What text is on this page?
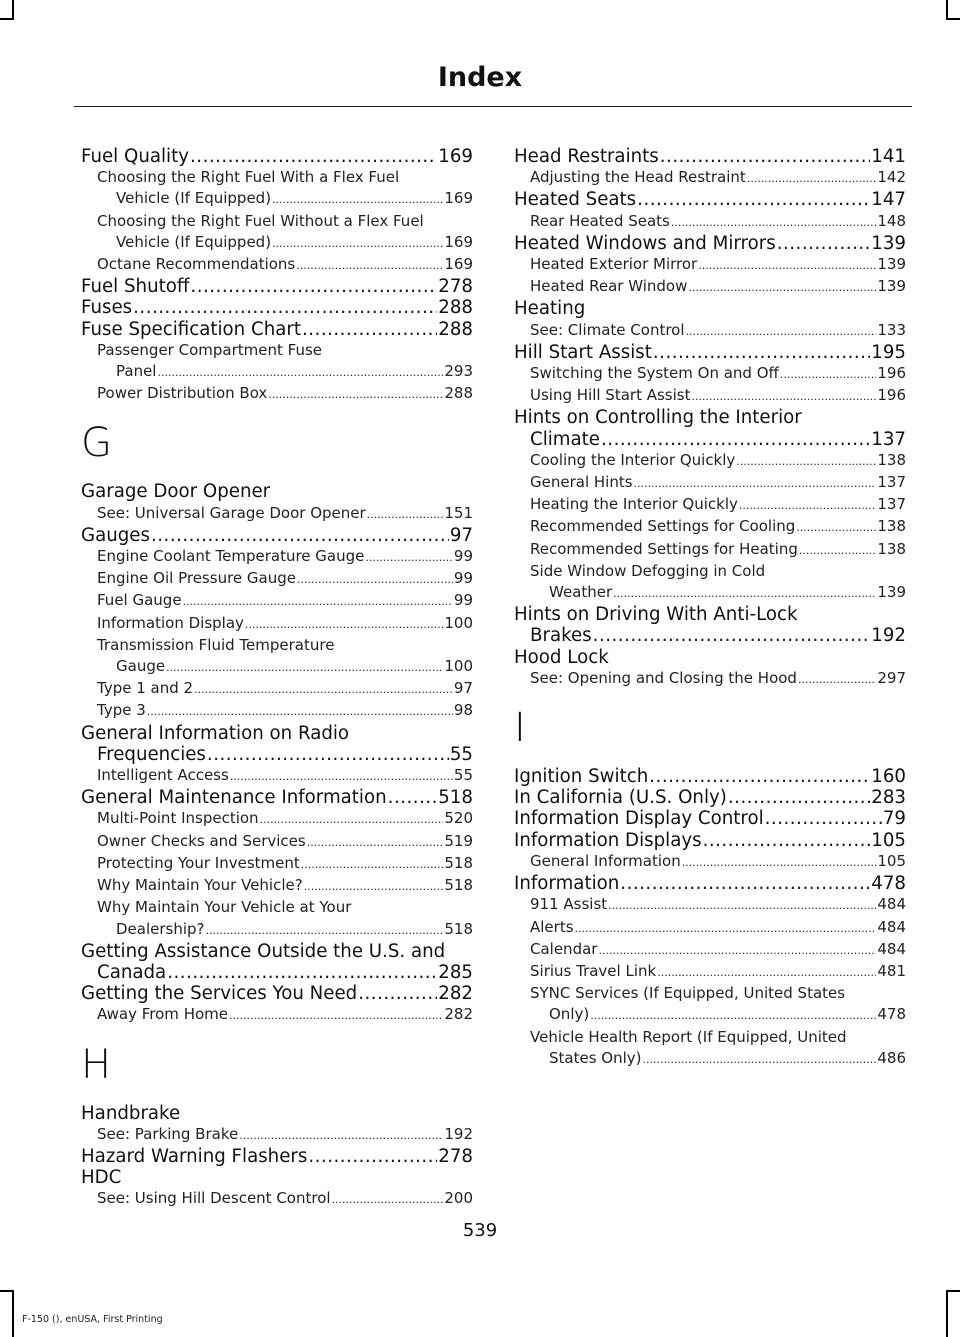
Index
Fuel Quality .....	169
Choosing the Right Fuel With a Flex Fuel
Vehicle (If Equipped) .....	169
Choosing the Right Fuel Without a Flex Fuel
Vehicle (If Equipped) .....	169
Octane Recommendations .....	169
Fuel Shutoff .....	278
Fuses .....	288
Fuse Specification Chart .....	288
Passenger Compartment Fuse
Panel .....	293
Power Distribution Box .....	288
G
Garage Door Opener
See: Universal Garage Door Opener .....	151
Gauges .....	97
Engine Coolant Temperature Gauge .....	99
Engine Oil Pressure Gauge .....	99
Fuel Gauge .....	99
Information Display .....	100
Transmission Fluid Temperature
Gauge .....	100
Type 1 and 2 .....	97
Type 3 .....	98
General Information on Radio
Frequencies .....	55
Intelligent Access .....	55
General Maintenance Information .....	518
Multi-Point Inspection .....	520
Owner Checks and Services .....	519
Protecting Your Investment .....	518
Why Maintain Your Vehicle? .....	518
Why Maintain Your Vehicle at Your
Dealership? .....	518
Getting Assistance Outside the U.S. and
Canada .....	285
Getting the Services You Need .....	282
Away From Home .....	282
H
Handbrake
See: Parking Brake .....	192
Hazard Warning Flashers .....	278
HDC
See: Using Hill Descent Control .....	200
Head Restraints .....	141
Adjusting the Head Restraint .....	142
Heated Seats .....	147
Rear Heated Seats .....	148
Heated Windows and Mirrors .....	139
Heated Exterior Mirror .....	139
Heated Rear Window .....	139
Heating
See: Climate Control .....	133
Hill Start Assist .....	195
Switching the System On and Off .....	196
Using Hill Start Assist .....	196
Hints on Controlling the Interior
Climate .....	137
Cooling the Interior Quickly .....	138
General Hints .....	137
Heating the Interior Quickly .....	137
Recommended Settings for Cooling .....	138
Recommended Settings for Heating .....	138
Side Window Defogging in Cold
Weather .....	139
Hints on Driving With Anti-Lock
Brakes .....	192
Hood Lock
See: Opening and Closing the Hood .....	297
I
Ignition Switch .....	160
In California (U.S. Only) .....	283
Information Display Control .....	79
Information Displays .....	105
General Information .....	105
Information .....	478
911 Assist .....	484
Alerts .....	484
Calendar .....	484
Sirius Travel Link .....	481
SYNC Services (If Equipped, United States
Only) .....	478
Vehicle Health Report (If Equipped, United
States Only) .....	486
539
F-150 (), enUSA, First Printing
